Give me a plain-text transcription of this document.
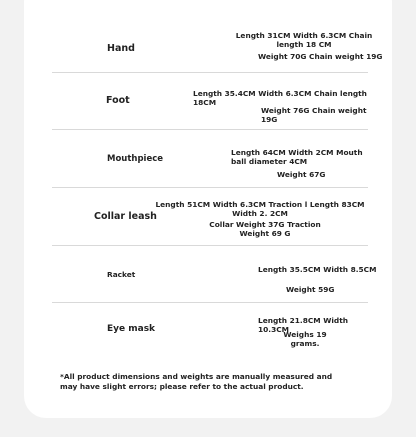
Hand
Length 31CM Width 6.3CM Chain length 18 CM
Weight 70G Chain weight 19G
Foot
Length 35.4CM Width 6.3CM Chain length 18CM
Weight 76G Chain weight 19G
Mouthpiece
Length 64CM Width 2CM Mouth ball diameter 4CM
Weight 67G
Collar leash
Length 51CM Width 6.3CM Traction l Length 83CM Width 2. 2CM
Collar Weight 37G Traction Weight 69 G
Racket
Length 35.5CM Width 8.5CM
Weight 59G
Eye mask
Length 21.8CM Width 10.3CM
Weighs 19 grams.
*All product dimensions and weights are manually measured and may have slight errors; please refer to the actual product.
